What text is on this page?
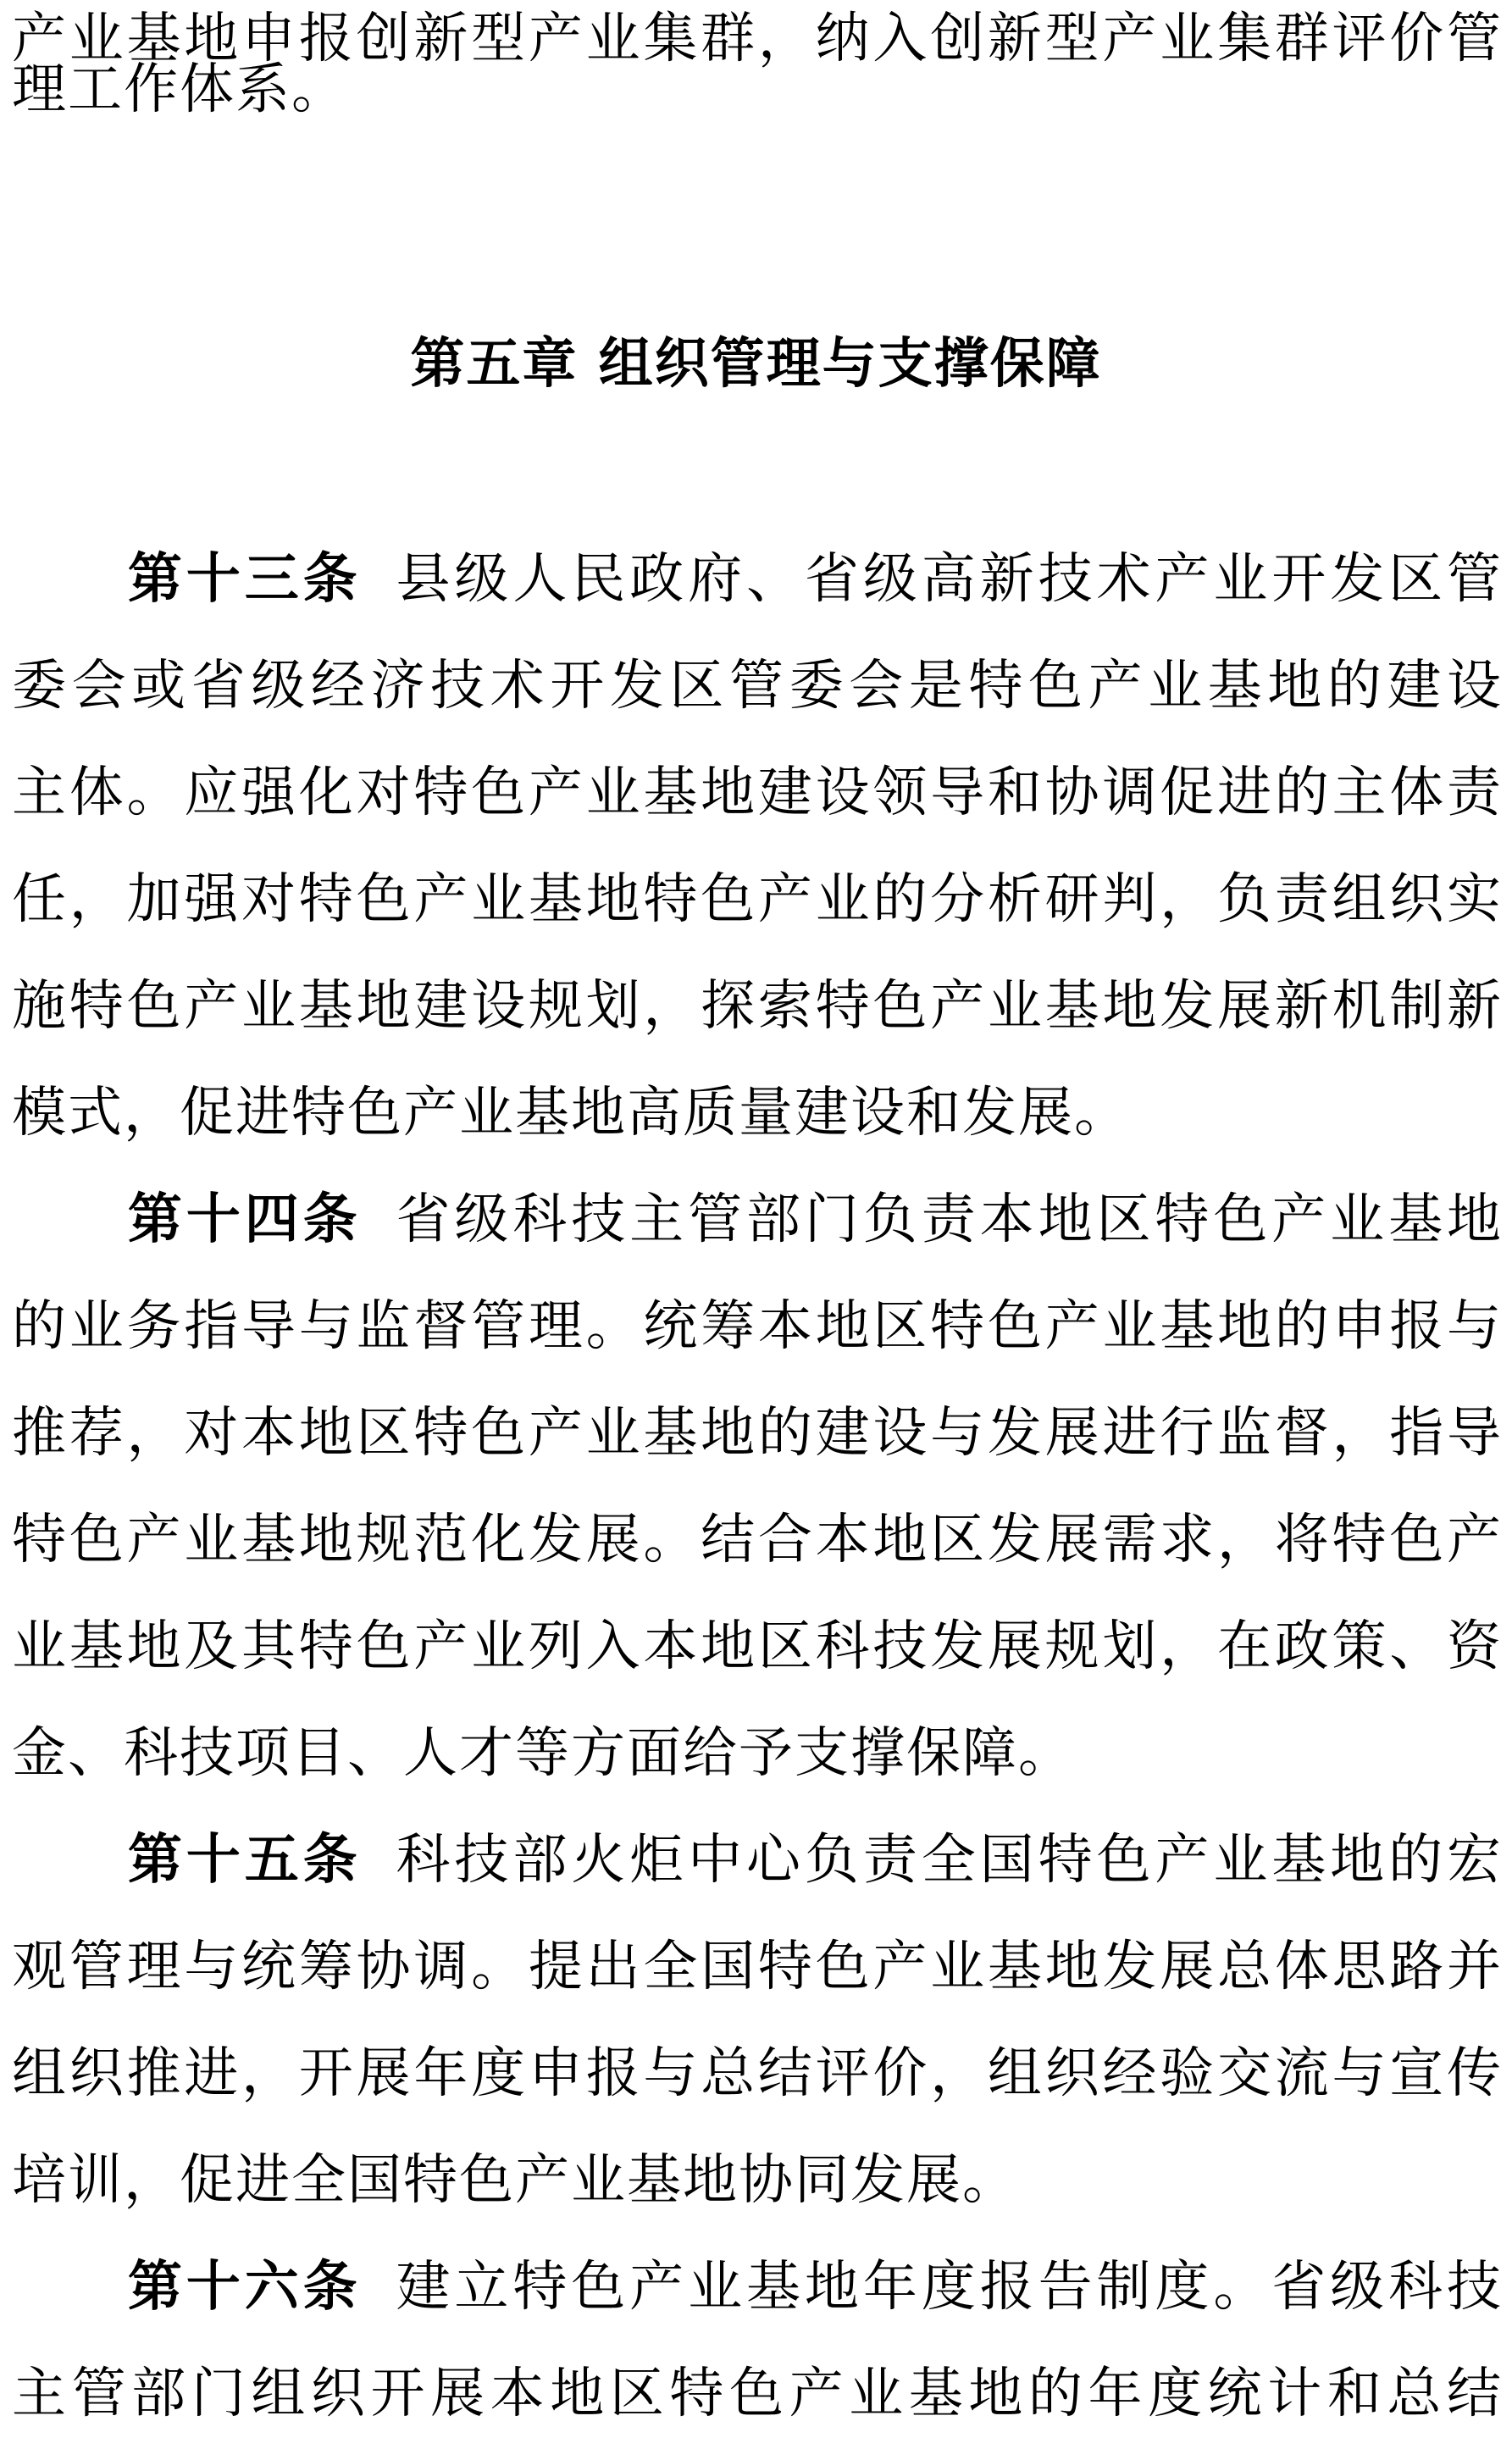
产业基地申报创新型产业集群，纳入创新型产业集群评价管
理工作体系。
第五章 组织管理与支撑保障
第十三条 县级人民政府、省级高新技术产业开发区管
委会或省级经济技术开发区管委会是特色产业基地的建设
主体。应强化对特色产业基地建设领导和协调促进的主体责
任，加强对特色产业基地特色产业的分析研判，负责组织实
施特色产业基地建设规划，探索特色产业基地发展新机制新
模式，促进特色产业基地高质量建设和发展。
第十四条 省级科技主管部门负责本地区特色产业基地
的业务指导与监督管理。统筹本地区特色产业基地的申报与
推荐，对本地区特色产业基地的建设与发展进行监督，指导
特色产业基地规范化发展。结合本地区发展需求，将特色产
业基地及其特色产业列入本地区科技发展规划，在政策、资
金、科技项目、人才等方面给予支撑保障。
第十五条 科技部火炬中心负责全国特色产业基地的宏
观管理与统筹协调。提出全国特色产业基地发展总体思路并
组织推进，开展年度申报与总结评价，组织经验交流与宣传
培训，促进全国特色产业基地协同发展。
第十六条 建立特色产业基地年度报告制度。省级科技
主管部门组织开展本地区特色产业基地的年度统计和总结
